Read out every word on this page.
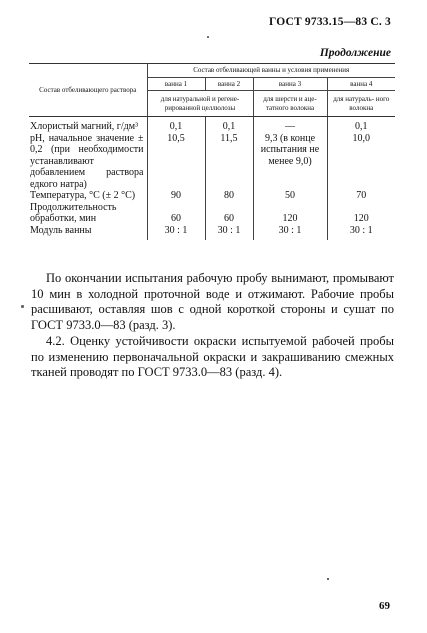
ГОСТ 9733.15—83 С. 3
Продолжение
Состав отбеливающего раствора	Состав отбеливающей ванны и условия применения			
	ванна 1	ванна 2	ванна 3	ванна 4
	для натуральной и регене- рированной целлюлозы		для шерсти и аце- татного волокна	для натураль- ного волокна

Хлористый магний, г/дм³	0,1	0,1	—	0,1
pH, начальное значение ± 0,2 (при необходимости устанавливают добавлением раствора едкого натра)	10,5	11,5	9,3 (в конце испытания не менее 9,0)	10,0
Температура, °С (± 2 °С)	90	80	50	70
Продолжительность обработки, мин	60	60	120	120
Модуль ванны	30 : 1	30 : 1	30 : 1	30 : 1

По окончании испытания рабочую пробу вынимают, промывают 10 мин в холодной проточной воде и отжимают. Рабочие пробы расшивают, оставляя шов с одной короткой стороны и сушат по ГОСТ 9733.0—83 (разд. 3).

4.2. Оценку устойчивости окраски испытуемой рабочей пробы по изменению первоначальной окраски и закрашиванию смежных тканей проводят по ГОСТ 9733.0—83 (разд. 4).

69
